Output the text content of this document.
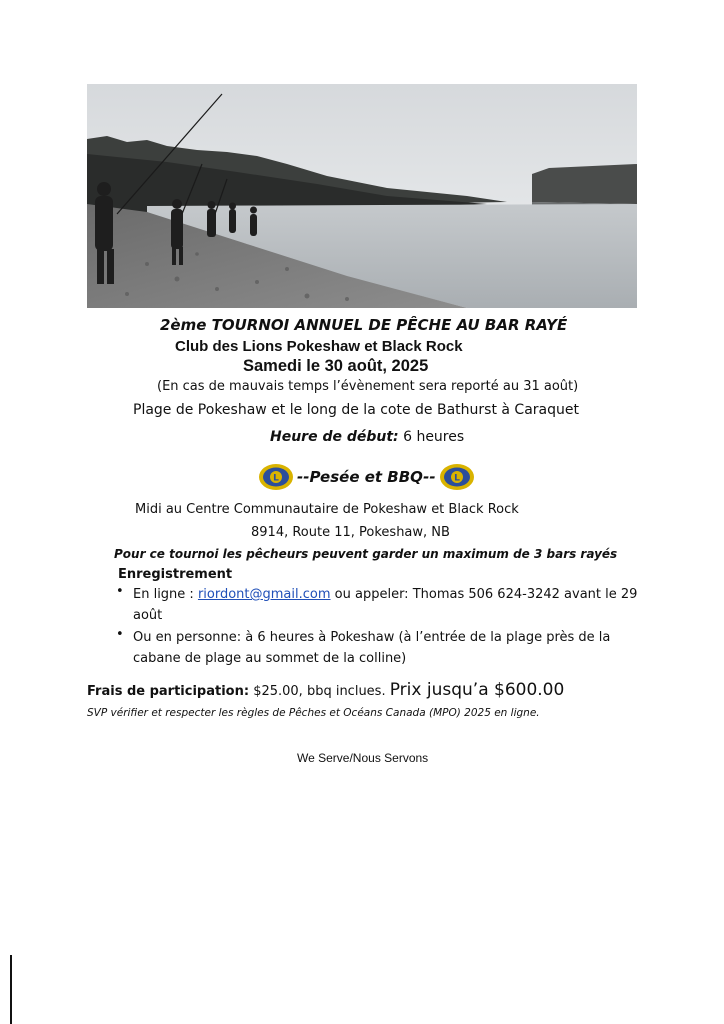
2ème TOURNOI ANNUEL DE PÊCHE AU BAR RAYÉ
Club des Lions Pokeshaw et Black Rock
Samedi le 30 août, 2025
(En cas de mauvais temps l’évènement sera reporté au 31 août)
Plage de Pokeshaw et le long de la cote de Bathurst à Caraquet
Heure de début: 6 heures
L --Pesée et BBQ-- L
Midi au Centre Communautaire de Pokeshaw et Black Rock
8914, Route 11, Pokeshaw, NB
Pour ce tournoi les pêcheurs peuvent garder un maximum de 3 bars rayés
Enregistrement
• En ligne : riordont@gmail.com ou appeler: Thomas 506 624-3242 avant le 29 août
• Ou en personne: à 6 heures à Pokeshaw (à l’entrée de la plage près de la cabane de plage au sommet de la colline)
Frais de participation: $25.00, bbq inclues. Prix jusqu’a $600.00
SVP vérifier et respecter les règles de Pêches et Océans Canada (MPO) 2025 en ligne.
We Serve/Nous Servons
